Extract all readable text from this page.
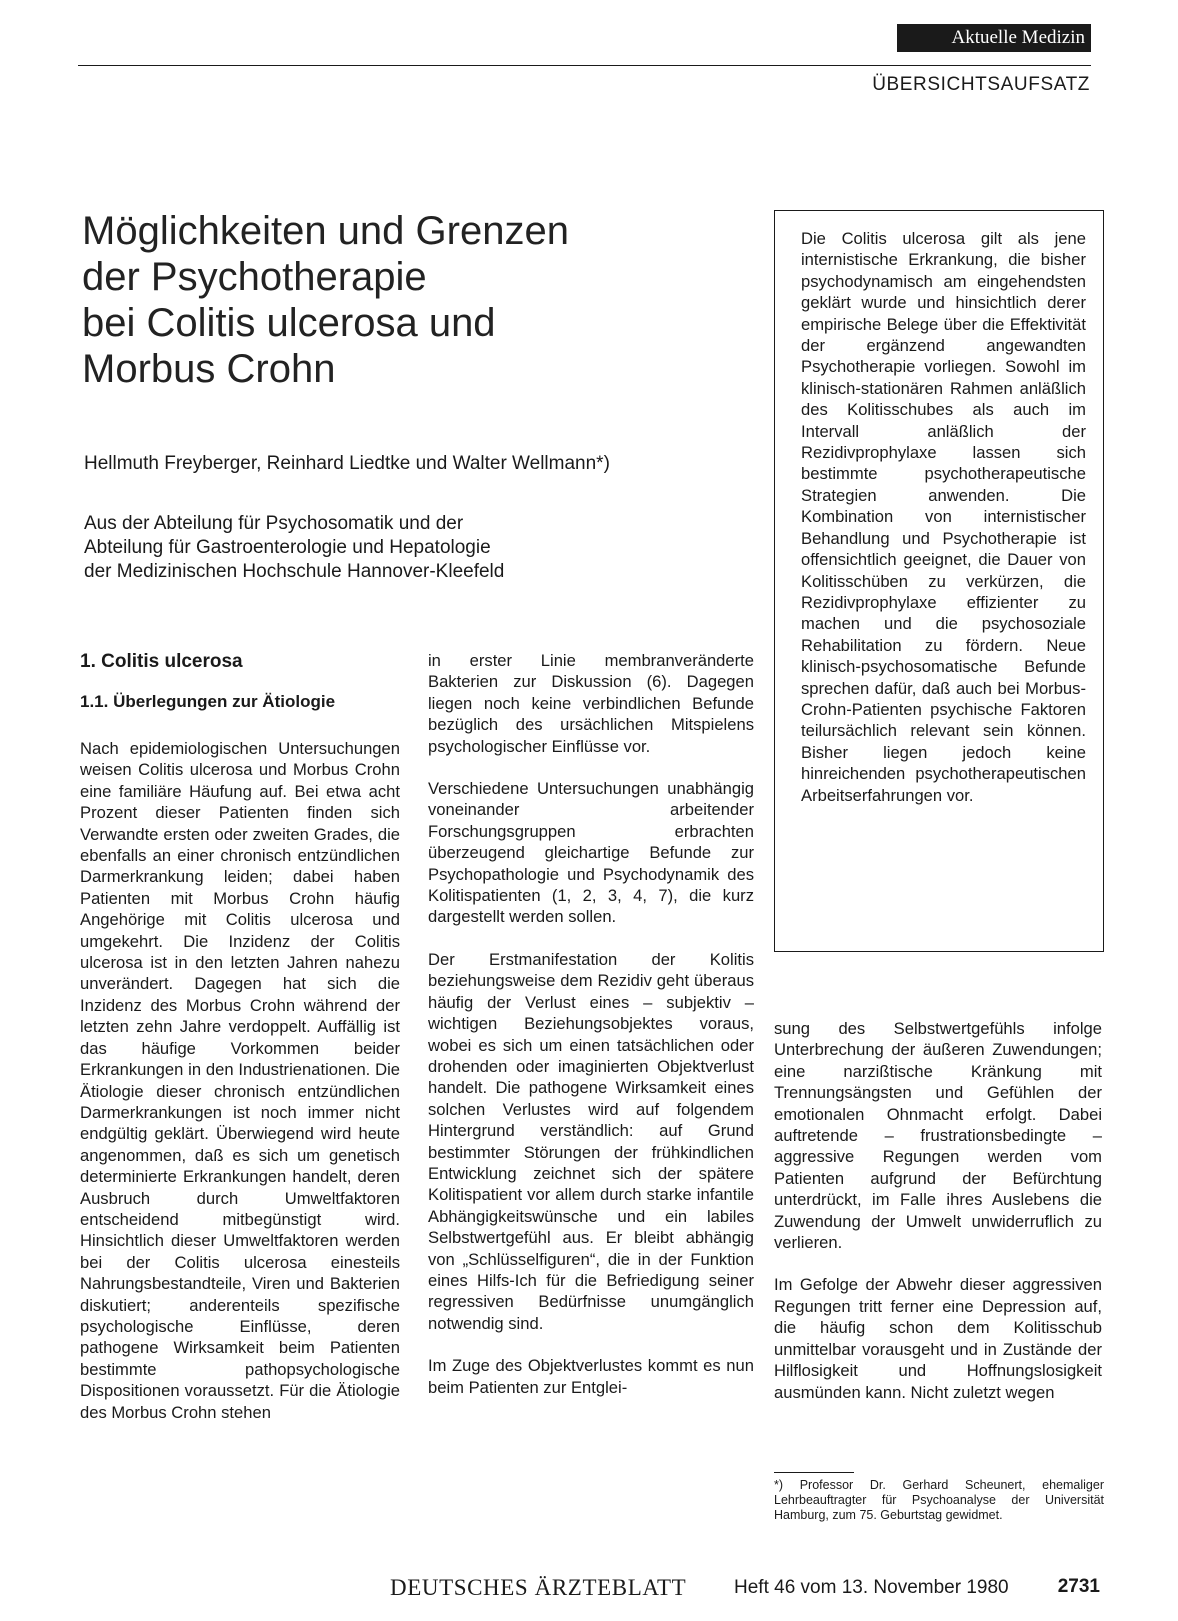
Aktuelle Medizin
ÜBERSICHTSAUFSATZ
Möglichkeiten und Grenzen
der Psychotherapie
bei Colitis ulcerosa und
Morbus Crohn
Hellmuth Freyberger, Reinhard Liedtke und Walter Wellmann*)
Aus der Abteilung für Psychosomatik und der
Abteilung für Gastroenterologie und Hepatologie
der Medizinischen Hochschule Hannover-Kleefeld

Die Colitis ulcerosa gilt als jene internistische Erkrankung, die bisher psychodynamisch am eingehendsten geklärt wurde und hinsichtlich derer empirische Belege über die Effektivität der ergänzend angewandten Psychotherapie vorliegen. Sowohl im klinisch-stationären Rahmen anläßlich des Kolitisschubes als auch im Intervall anläßlich der Rezidivprophylaxe lassen sich bestimmte psychotherapeutische Strategien anwenden. Die Kombination von internistischer Behandlung und Psychotherapie ist offensichtlich geeignet, die Dauer von Kolitisschüben zu verkürzen, die Rezidivprophylaxe effizienter zu machen und die psychosoziale Rehabilitation zu fördern. Neue klinisch-psychosomatische Befunde sprechen dafür, daß auch bei Morbus-Crohn-Patienten psychische Faktoren teilursächlich relevant sein können. Bisher liegen jedoch keine hinreichenden psychotherapeutischen Arbeitserfahrungen vor.

1. Colitis ulcerosa
1.1. Überlegungen zur Ätiologie

Nach epidemiologischen Untersuchungen weisen Colitis ulcerosa und Morbus Crohn eine familiäre Häufung auf. Bei etwa acht Prozent dieser Patienten finden sich Verwandte ersten oder zweiten Grades, die ebenfalls an einer chronisch entzündlichen Darmerkrankung leiden; dabei haben Patienten mit Morbus Crohn häufig Angehörige mit Colitis ulcerosa und umgekehrt. Die Inzidenz der Colitis ulcerosa ist in den letzten Jahren nahezu unverändert. Dagegen hat sich die Inzidenz des Morbus Crohn während der letzten zehn Jahre verdoppelt. Auffällig ist das häufige Vorkommen beider Erkrankungen in den Industrienationen. Die Ätiologie dieser chronisch entzündlichen Darmerkrankungen ist noch immer nicht endgültig geklärt. Überwiegend wird heute angenommen, daß es sich um genetisch determinierte Erkrankungen handelt, deren Ausbruch durch Umweltfaktoren entscheidend mitbegünstigt wird. Hinsichtlich dieser Umweltfaktoren werden bei der Colitis ulcerosa einesteils Nahrungsbestandteile, Viren und Bakterien diskutiert; anderenteils spezifische psychologische Einflüsse, deren pathogene Wirksamkeit beim Patienten bestimmte pathopsychologische Dispositionen voraussetzt. Für die Ätiologie des Morbus Crohn stehen

in erster Linie membranveränderte Bakterien zur Diskussion (6). Dagegen liegen noch keine verbindlichen Befunde bezüglich des ursächlichen Mitspielens psychologischer Einflüsse vor.

Verschiedene Untersuchungen unabhängig voneinander arbeitender Forschungsgruppen erbrachten überzeugend gleichartige Befunde zur Psychopathologie und Psychodynamik des Kolitispatienten (1, 2, 3, 4, 7), die kurz dargestellt werden sollen.

Der Erstmanifestation der Kolitis beziehungsweise dem Rezidiv geht überaus häufig der Verlust eines – subjektiv – wichtigen Beziehungsobjektes voraus, wobei es sich um einen tatsächlichen oder drohenden oder imaginierten Objektverlust handelt. Die pathogene Wirksamkeit eines solchen Verlustes wird auf folgendem Hintergrund verständlich: auf Grund bestimmter Störungen der frühkindlichen Entwicklung zeichnet sich der spätere Kolitispatient vor allem durch starke infantile Abhängigkeitswünsche und ein labiles Selbstwertgefühl aus. Er bleibt abhängig von „Schlüsselfiguren“, die in der Funktion eines Hilfs-Ich für die Befriedigung seiner regressiven Bedürfnisse unumgänglich notwendig sind.

Im Zuge des Objektverlustes kommt es nun beim Patienten zur Entglei-

sung des Selbstwertgefühls infolge Unterbrechung der äußeren Zuwendungen; eine narzißtische Kränkung mit Trennungsängsten und Gefühlen der emotionalen Ohnmacht erfolgt. Dabei auftretende – frustrationsbedingte – aggressive Regungen werden vom Patienten aufgrund der Befürchtung unterdrückt, im Falle ihres Auslebens die Zuwendung der Umwelt unwiderruflich zu verlieren.

Im Gefolge der Abwehr dieser aggressiven Regungen tritt ferner eine Depression auf, die häufig schon dem Kolitisschub unmittelbar vorausgeht und in Zustände der Hilflosigkeit und Hoffnungslosigkeit ausmünden kann. Nicht zuletzt wegen

*) Professor Dr. Gerhard Scheunert, ehemaliger Lehrbeauftragter für Psychoanalyse der Universität Hamburg, zum 75. Geburtstag gewidmet.
DEUTSCHES ÄRZTEBLATT	Heft 46 vom 13. November 1980	2731
